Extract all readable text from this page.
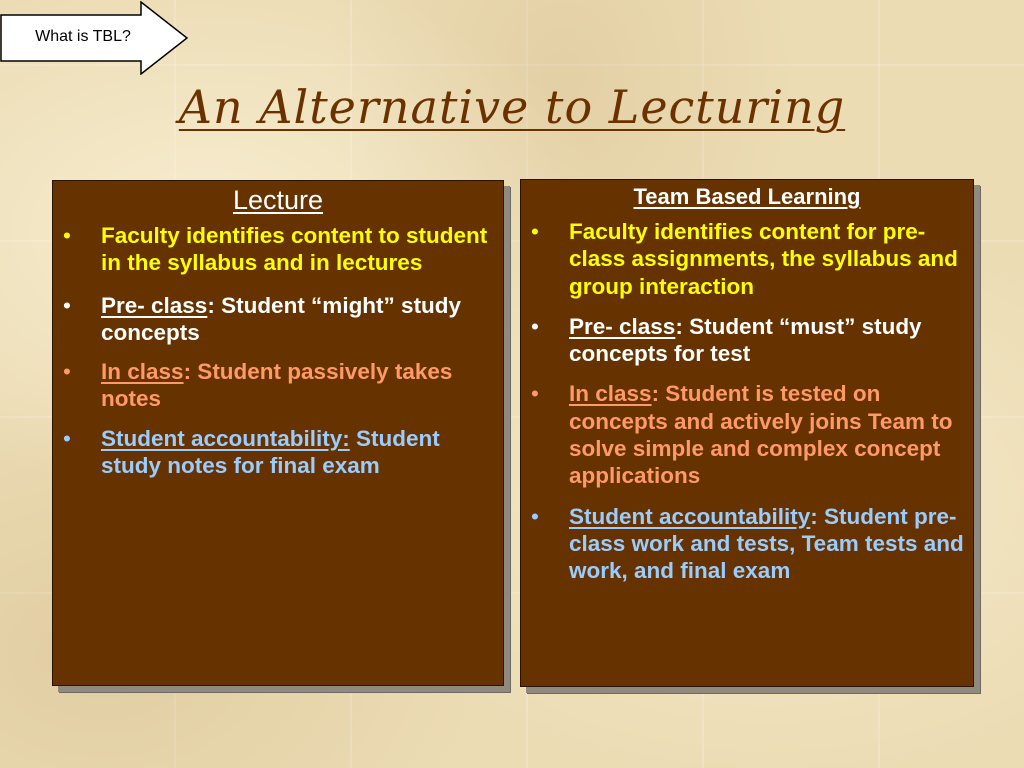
What is TBL?
An Alternative to Lecturing
Lecture
• Faculty identifies content to student in the syllabus and in lectures
• Pre- class: Student “might” study concepts
• In class: Student passively takes notes
• Student accountability: Student study notes for final exam
Team Based Learning
• Faculty identifies content for pre-class assignments, the syllabus and group interaction
• Pre- class: Student “must” study concepts for test
• In class: Student is tested on concepts and actively joins Team to solve simple and complex concept applications
• Student accountability: Student pre-class work and tests, Team tests and work, and final exam
